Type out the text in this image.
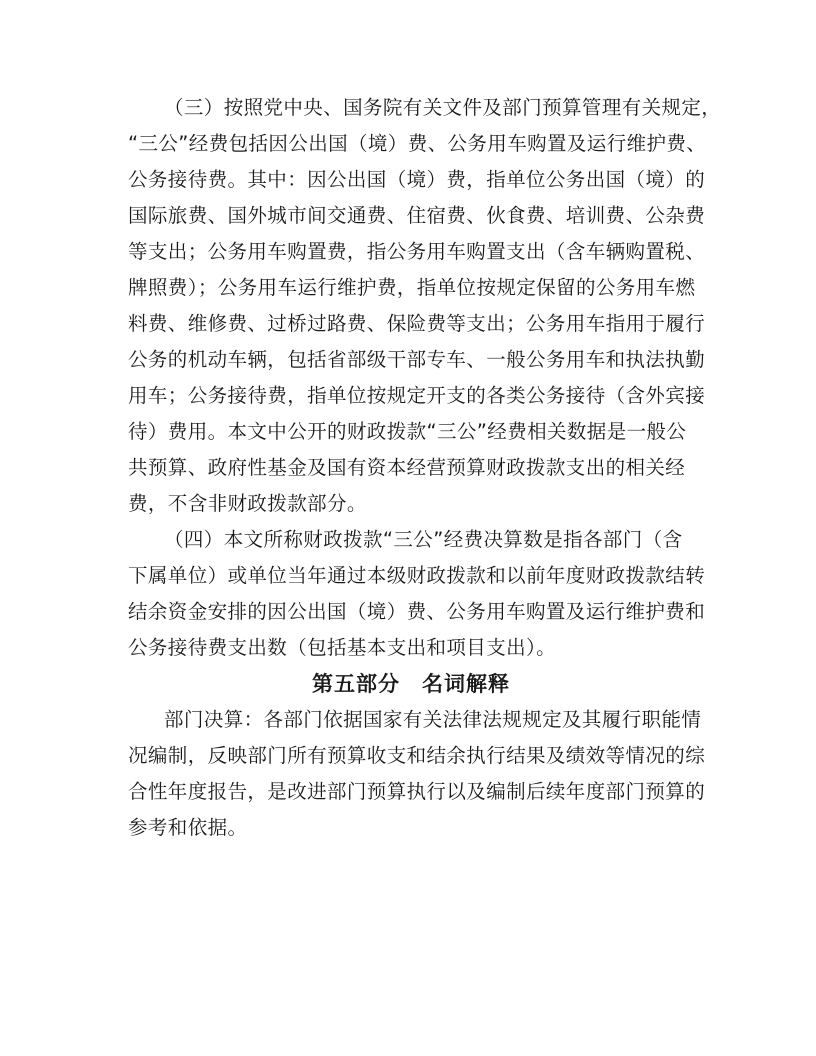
（三）按照党中央、国务院有关文件及部门预算管理有关规定，
“三公”经费包括因公出国（境）费、公务用车购置及运行维护费、
公务接待费。其中：因公出国（境）费，指单位公务出国（境）的
国际旅费、国外城市间交通费、住宿费、伙食费、培训费、公杂费
等支出；公务用车购置费，指公务用车购置支出（含车辆购置税、
牌照费）；公务用车运行维护费，指单位按规定保留的公务用车燃
料费、维修费、过桥过路费、保险费等支出；公务用车指用于履行
公务的机动车辆，包括省部级干部专车、一般公务用车和执法执勤
用车；公务接待费，指单位按规定开支的各类公务接待（含外宾接
待）费用。本文中公开的财政拨款“三公”经费相关数据是一般公
共预算、政府性基金及国有资本经营预算财政拨款支出的相关经
费，不含非财政拨款部分。
（四）本文所称财政拨款“三公”经费决算数是指各部门（含
下属单位）或单位当年通过本级财政拨款和以前年度财政拨款结转
结余资金安排的因公出国（境）费、公务用车购置及运行维护费和
公务接待费支出数（包括基本支出和项目支出）。
第五部分　名词解释
部门决算：各部门依据国家有关法律法规规定及其履行职能情
况编制，反映部门所有预算收支和结余执行结果及绩效等情况的综
合性年度报告，是改进部门预算执行以及编制后续年度部门预算的
参考和依据。
